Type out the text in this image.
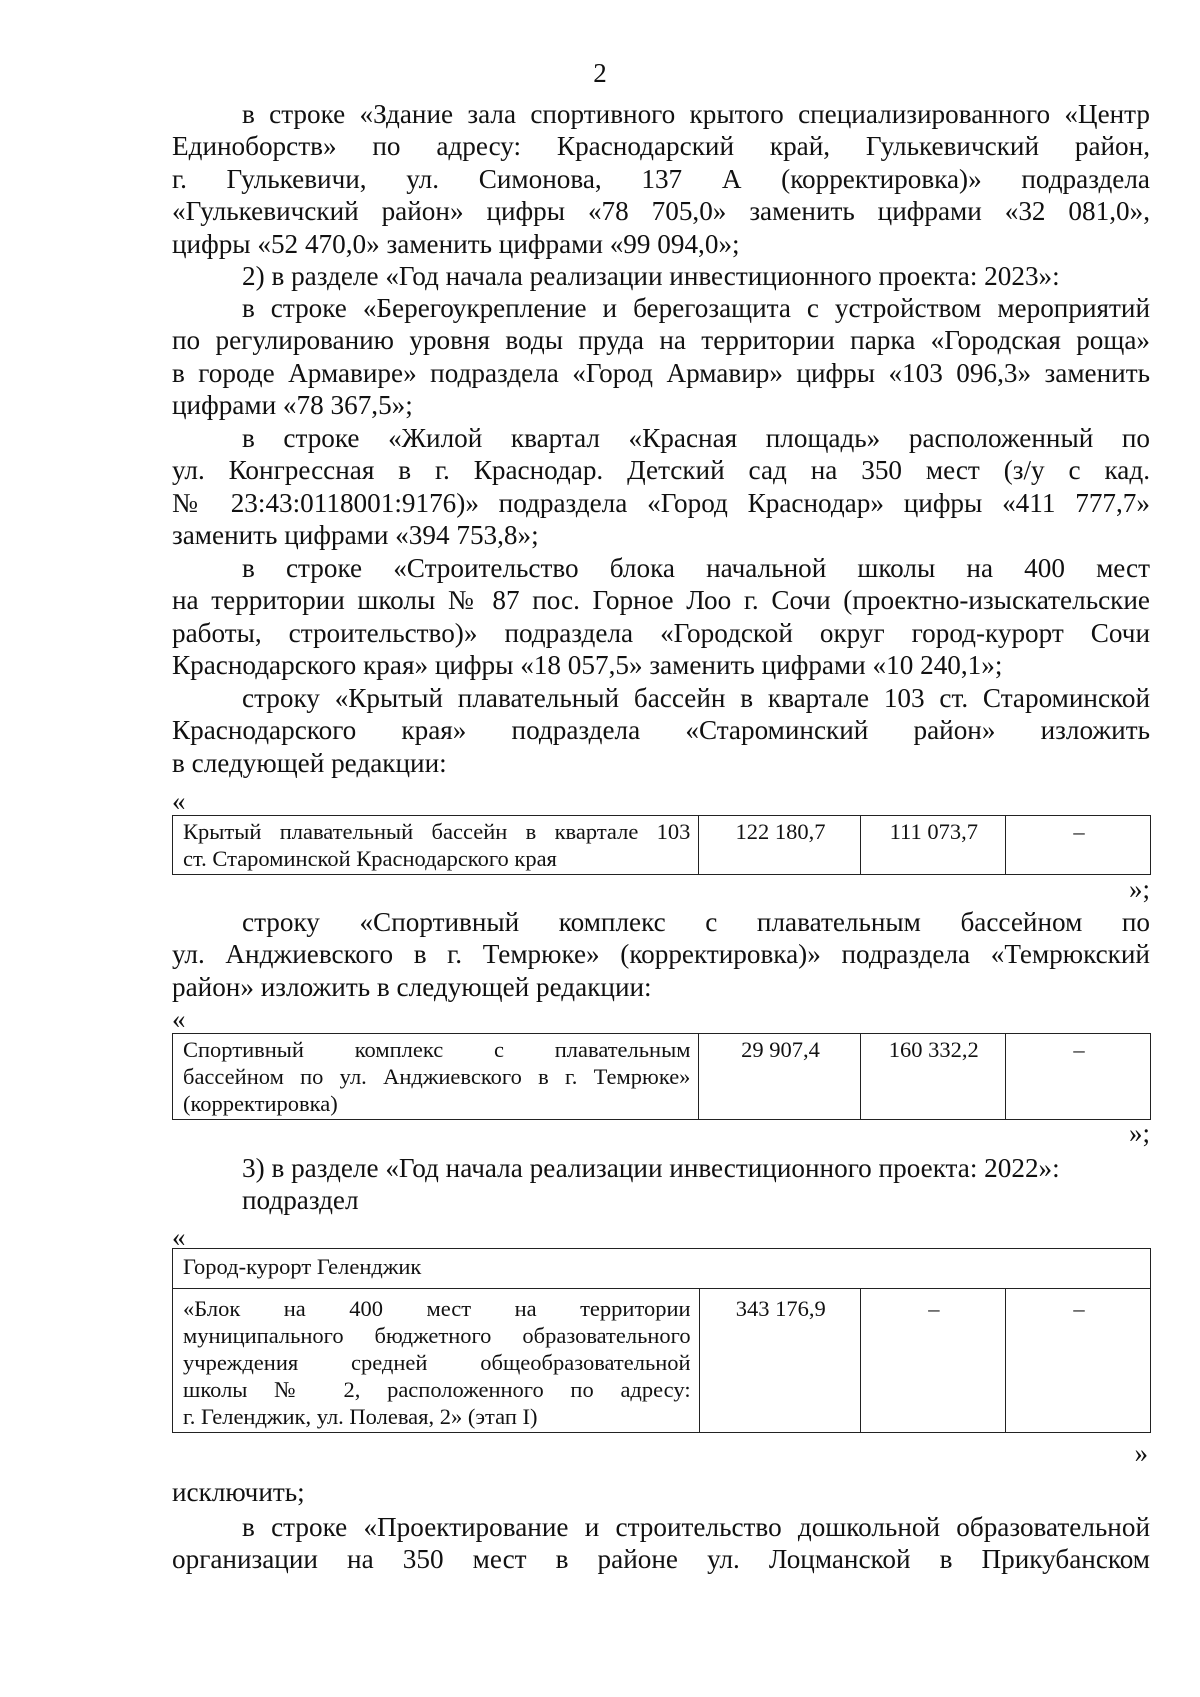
2
в строке «Здание зала спортивного крытого специализированного «Центр
Единоборств» по адресу: Краснодарский край, Гулькевичский район,
г. Гулькевичи, ул. Симонова, 137 А (корректировка)» подраздела
«Гулькевичский район» цифры «78 705,0» заменить цифрами «32 081,0»,
цифры «52 470,0» заменить цифрами «99 094,0»;
2) в разделе «Год начала реализации инвестиционного проекта: 2023»:
в строке «Берегоукрепление и берегозащита с устройством мероприятий
по регулированию уровня воды пруда на территории парка «Городская роща»
в городе Армавире» подраздела «Город Армавир» цифры «103 096,3» заменить
цифрами «78 367,5»;
в строке «Жилой квартал «Красная площадь» расположенный по
ул. Конгрессная в г. Краснодар. Детский сад на 350 мест (з/у с кад.
№ 23:43:0118001:9176)» подраздела «Город Краснодар» цифры «411 777,7»
заменить цифрами «394 753,8»;
в строке «Строительство блока начальной школы на 400 мест
на территории школы № 87 пос. Горное Лоо г. Сочи (проектно-изыскательские
работы, строительство)» подраздела «Городской округ город-курорт Сочи
Краснодарского края» цифры «18 057,5» заменить цифрами «10 240,1»;
строку «Крытый плавательный бассейн в квартале 103 ст. Староминской
Краснодарского края» подраздела «Староминский район» изложить
в следующей редакции:
«
Крытый плавательный бассейн в квартале 103
ст. Староминской Краснодарского края
	122 180,7	111 073,7	–
»;
строку «Спортивный комплекс с плавательным бассейном по
ул. Анджиевского в г. Темрюке» (корректировка)» подраздела «Темрюкский
район» изложить в следующей редакции:
«
Спортивный комплекс с плавательным
бассейном по ул. Анджиевского в г. Темрюке»
(корректировка)
	29 907,4	160 332,2	–
»;
3) в разделе «Год начала реализации инвестиционного проекта: 2022»:
подраздел
«
Город-курорт Геленджик

«Блок на 400 мест на территории
муниципального бюджетного образовательного
учреждения средней общеобразовательной
школы № 2, расположенного по адресу:
г. Геленджик, ул. Полевая, 2» (этап I)
	343 176,9	–	–
»
исключить;
в строке «Проектирование и строительство дошкольной образовательной
организации на 350 мест в районе ул. Лоцманской в Прикубанском
